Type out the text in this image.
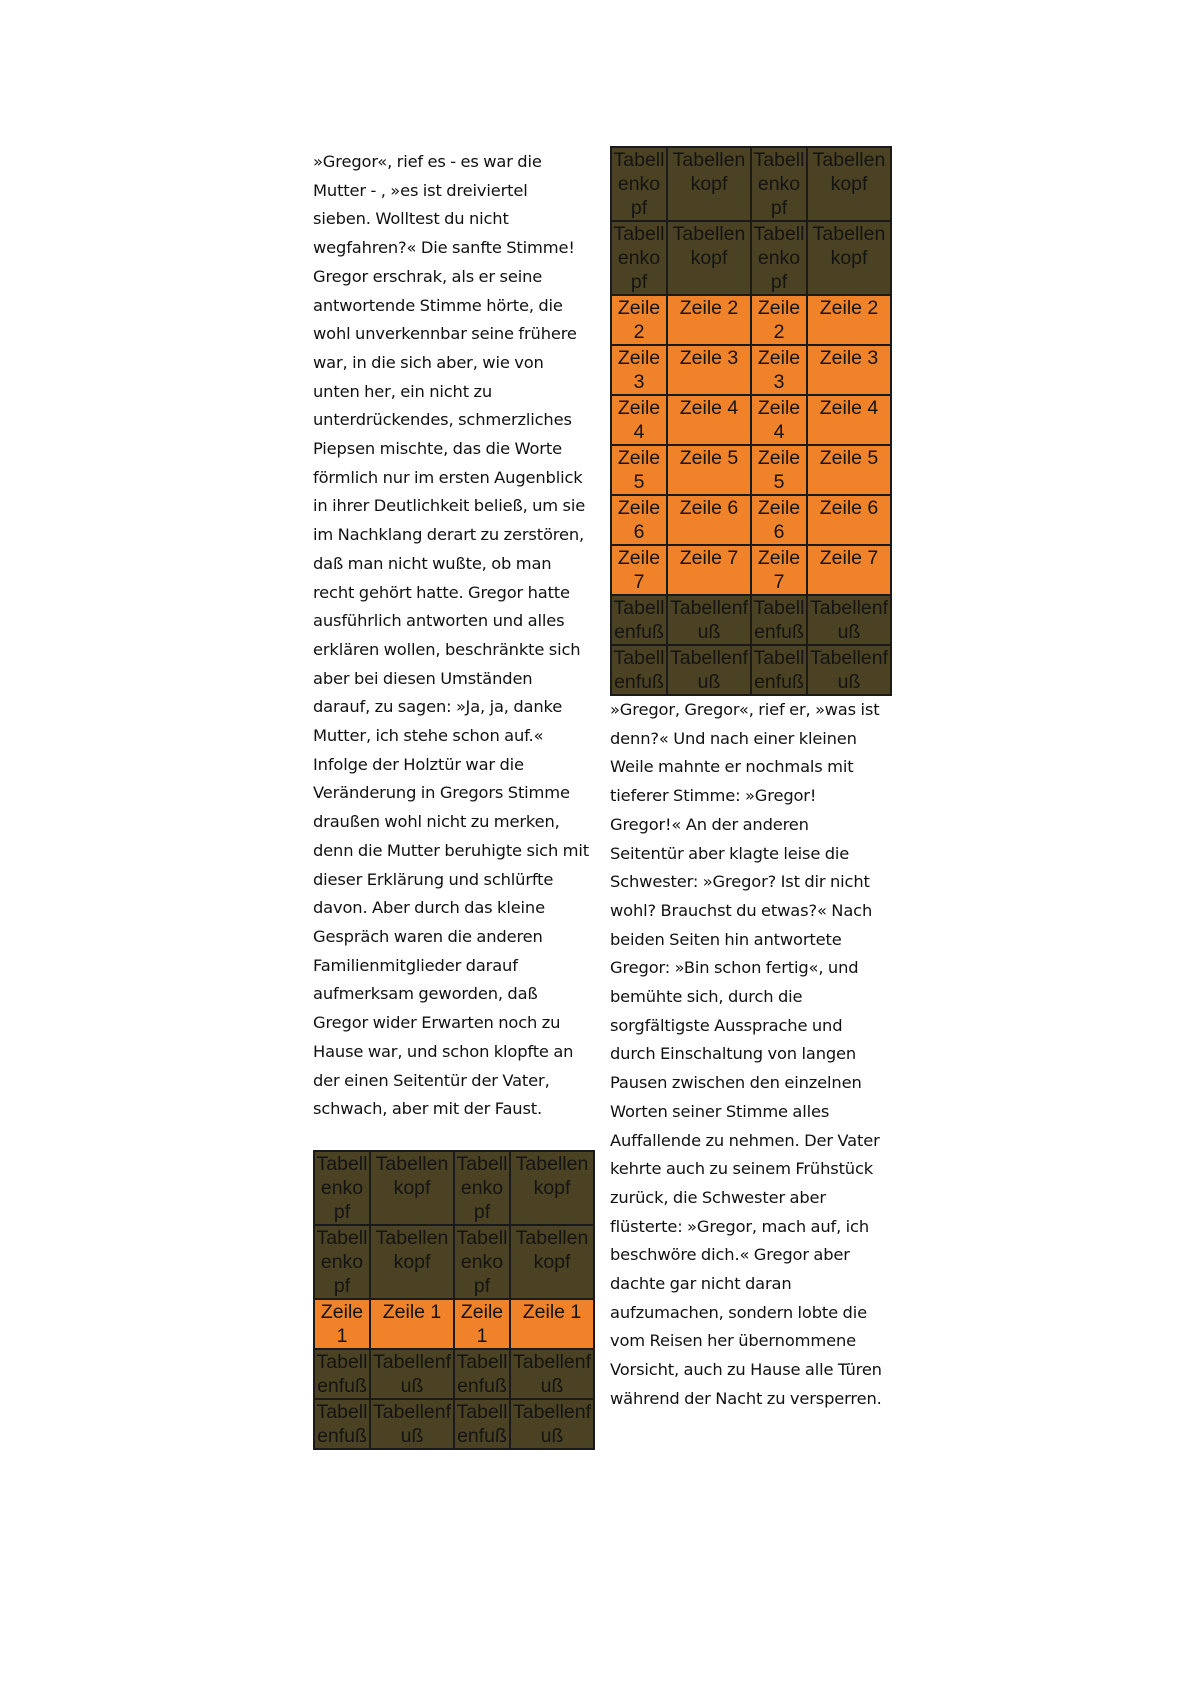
»Gregor«, rief es - es war die Mutter - , »es ist dreiviertel sieben. Wolltest du nicht wegfahren?« Die sanfte Stimme! Gregor erschrak, als er seine antwortende Stimme hörte, die wohl unverkennbar seine frühere war, in die sich aber, wie von unten her, ein nicht zu unterdrückendes, schmerzliches Piepsen mischte, das die Worte förmlich nur im ersten Augenblick in ihrer Deutlichkeit beließ, um sie im Nachklang derart zu zerstören, daß man nicht wußte, ob man recht gehört hatte. Gregor hatte ausführlich antworten und alles erklären wollen, beschränkte sich aber bei diesen Umständen darauf, zu sagen: »Ja, ja, danke Mutter, ich stehe schon auf.« Infolge der Holztür war die Veränderung in Gregors Stimme draußen wohl nicht zu merken, denn die Mutter beruhigte sich mit dieser Erklärung und schlürfte davon. Aber durch das kleine Gespräch waren die anderen Familienmitglieder darauf aufmerksam geworden, daß Gregor wider Erwarten noch zu Hause war, und schon klopfte an der einen Seitentür der Vater, schwach, aber mit der Faust.

Tabellenkopf	Tabellenkopf	Tabellenkopf	Tabellenkopf
Tabellenkopf	Tabellenkopf	Tabellenkopf	Tabellenkopf
Zeile 1	Zeile 1	Zeile 1	Zeile 1
Tabellenfuß	Tabellenfuß	Tabellenfuß	Tabellenfuß
Tabellenfuß	Tabellenfuß	Tabellenfuß	Tabellenfuß
Tabellenkopf	Tabellenkopf	Tabellenkopf	Tabellenkopf
Tabellenkopf	Tabellenkopf	Tabellenkopf	Tabellenkopf
Zeile 2	Zeile 2	Zeile 2	Zeile 2
Zeile 3	Zeile 3	Zeile 3	Zeile 3
Zeile 4	Zeile 4	Zeile 4	Zeile 4
Zeile 5	Zeile 5	Zeile 5	Zeile 5
Zeile 6	Zeile 6	Zeile 6	Zeile 6
Zeile 7	Zeile 7	Zeile 7	Zeile 7
Tabellenfuß	Tabellenfuß	Tabellenfuß	Tabellenfuß
Tabellenfuß	Tabellenfuß	Tabellenfuß	Tabellenfuß

»Gregor, Gregor«, rief er, »was ist denn?« Und nach einer kleinen Weile mahnte er nochmals mit tieferer Stimme: »Gregor! Gregor!« An der anderen Seitentür aber klagte leise die Schwester: »Gregor? Ist dir nicht wohl? Brauchst du etwas?« Nach beiden Seiten hin antwortete Gregor: »Bin schon fertig«, und bemühte sich, durch die sorgfältigste Aussprache und durch Einschaltung von langen Pausen zwischen den einzelnen Worten seiner Stimme alles Auffallende zu nehmen. Der Vater kehrte auch zu seinem Frühstück zurück, die Schwester aber flüsterte: »Gregor, mach auf, ich beschwöre dich.« Gregor aber dachte gar nicht daran aufzumachen, sondern lobte die vom Reisen her übernommene Vorsicht, auch zu Hause alle Türen während der Nacht zu versperren.
